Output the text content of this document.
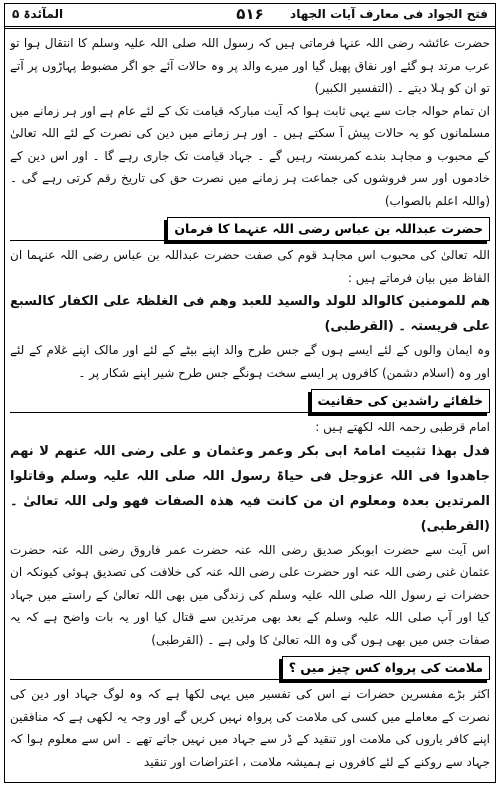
فتح الجواد فی معارف آیات الجهاد
۵۱۶
المآئدۃ ۵

حضرت عائشہ رضی اللہ عنہا فرماتی ہیں کہ رسول اللہ صلی اللہ علیہ وسلم کا انتقال ہوا تو عرب مرتد ہو گئے اور نفاق پھیل گیا اور میرے والد پر وہ حالات آئے جو اگر مضبوط پہاڑوں پر آتے تو ان کو ہلا دیتے ۔ (التفسیر الکبیر)

ان تمام حوالہ جات سے یہی ثابت ہوا کہ آیت مبارکہ قیامت تک کے لئے عام ہے اور ہر زمانے میں مسلمانوں کو یہ حالات پیش آ سکتے ہیں ۔ اور ہر زمانے میں دین کی نصرت کے لئے اللہ تعالیٰ کے محبوب و مجاہد بندے کمربستہ رہیں گے ۔ جہاد قیامت تک جاری رہے گا ۔ اور اس دین کے خادموں اور سر فروشوں کی جماعت ہر زمانے میں نصرت حق کی تاریخ رقم کرتی رہے گی ۔ (واللہ اعلم بالصواب)

حضرت عبداللہ بن عباس رضی اللہ عنہما کا فرمان

اللہ تعالیٰ کی محبوب اس مجاہد قوم کی صفت حضرت عبداللہ بن عباس رضی اللہ عنہما ان الفاظ میں بیان فرماتے ہیں :

ھم للمومنین کالوالد للولد والسید للعبد وھم فی الغلظۃ علی الکفار کالسبع علی فریستہ ۔ (القرطبی)

وہ ایمان والوں کے لئے ایسے ہوں گے جس طرح والد اپنے بیٹے کے لئے اور مالک اپنے غلام کے لئے اور وہ (اسلام دشمن) کافروں پر ایسے سخت ہونگے جس طرح شیر اپنے شکار پر ۔

خلفائے راشدین کی حقانیت

امام قرطبی رحمہ اللہ لکھتے ہیں :

فدل بھذا تثبیت امامۃ ابی بکر وعمر وعثمان و علی رضی اللہ عنھم لا نھم جاھدوا فی اللہ عزوجل فی حیاۃ رسول اللہ صلی اللہ علیہ وسلم وقاتلوا المرتدین بعدہ ومعلوم ان من کانت فیہ ھذہ الصفات فھو ولی اللہ تعالیٰ ۔ (القرطبی)

اس آیت سے حضرت ابوبکر صدیق رضی اللہ عنہ حضرت عمر فاروق رضی اللہ عنہ حضرت عثمان غنی رضی اللہ عنہ اور حضرت علی رضی اللہ عنہ کی خلافت کی تصدیق ہوئی کیونکہ ان حضرات نے رسول اللہ صلی اللہ علیہ وسلم کی زندگی میں بھی اللہ تعالیٰ کے راستے میں جہاد کیا اور آپ صلی اللہ علیہ وسلم کے بعد بھی مرتدین سے قتال کیا اور یہ بات واضح ہے کہ یہ صفات جس میں بھی ہوں گی وہ اللہ تعالیٰ کا ولی ہے ۔ (القرطبی)

ملامت کی پرواہ کس چیز میں ؟

اکثر بڑے مفسرین حضرات نے اس کی تفسیر میں یہی لکھا ہے کہ وہ لوگ جہاد اور دین کی نصرت کے معاملے میں کسی کی ملامت کی پرواہ نہیں کریں گے اور وجہ یہ لکھی ہے کہ منافقین اپنے کافر یاروں کی ملامت اور تنقید کے ڈر سے جہاد میں نہیں جاتے تھے ۔ اس سے معلوم ہوا کہ جہاد سے روکنے کے لئے کافروں نے ہمیشہ ملامت ، اعتراضات اور تنقید
